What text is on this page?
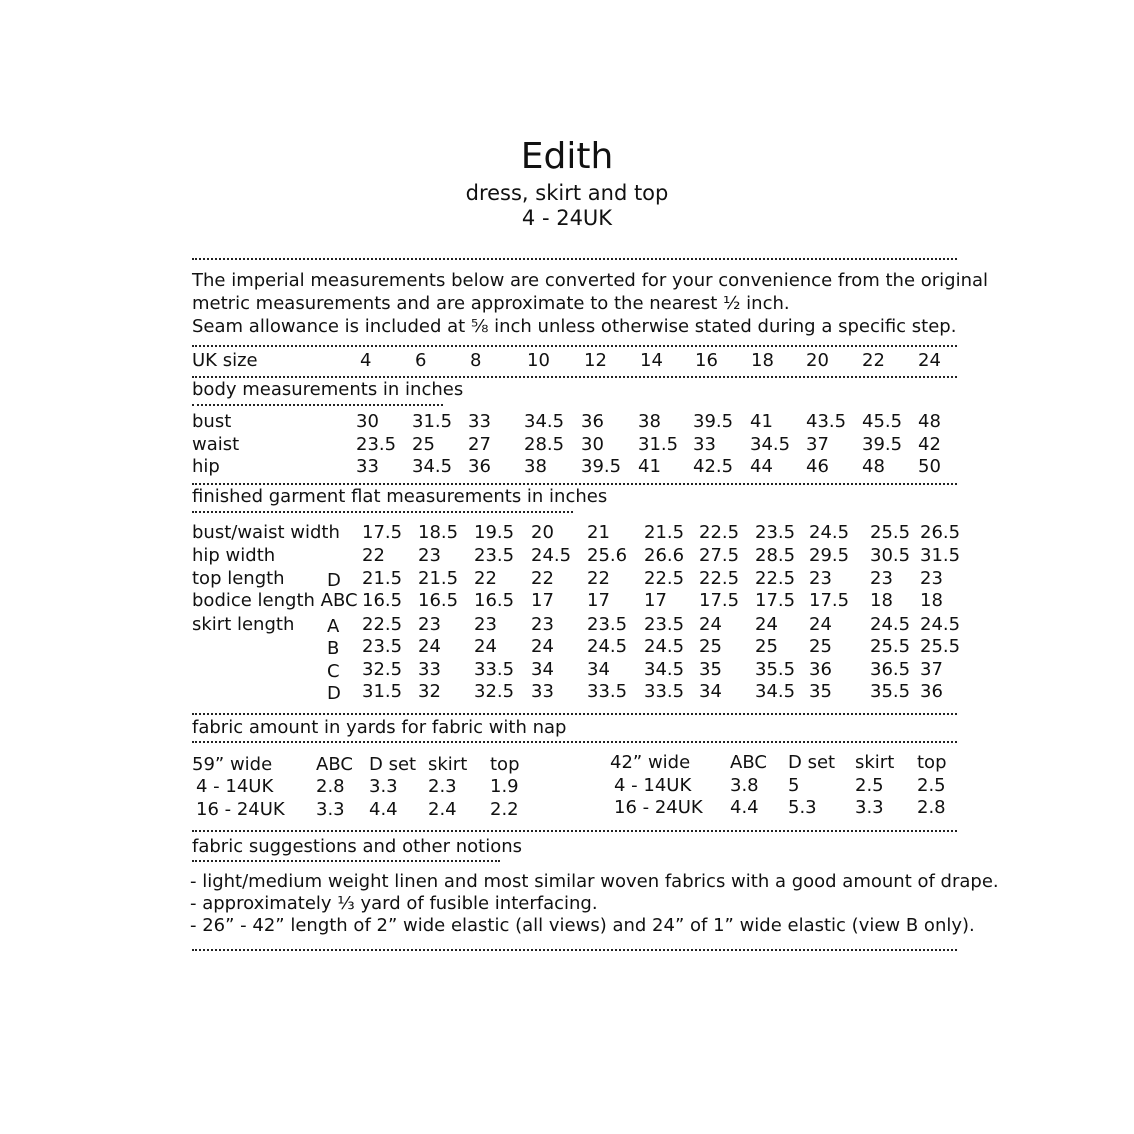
Edith
dress, skirt and top
4 - 24UK
The imperial measurements below are converted for your convenience from the original
metric measurements and are approximate to the nearest ½ inch.
Seam allowance is included at ⅝ inch unless otherwise stated during a specific step.
UK size	4 6 8	10 12 14 16 18 20 22 24
body measurements in inches
bust	30 31.5 33 34.5 36 38 39.5 41 43.5 45.5 48
waist	23.5 25 27 28.5 30 31.5 33 34.5 37 39.5 42
hip	33 34.5 36 38 39.5 41 42.5 44 46 48 50
finished garment flat measurements in inches
bust/waist width 17.5 18.5 19.5 20 21 21.5 22.5 23.5 24.5 25.5 26.5
hip width	22 23 23.5 24.5 25.6 26.6 27.5 28.5 29.5 30.5 31.5
top length D 21.5 21.5 22 22 22 22.5 22.5 22.5 23 23 23
bodice length ABC 16.5 16.5 16.5 17 17 17 17.5 17.5 17.5 18 18
skirt length A 22.5 23 23 23 23.5 23.5 24 24 24 24.5 24.5
B 23.5 24 24 24 24.5 24.5 25 25 25 25.5 25.5
C 32.5 33 33.5 34 34 34.5 35 35.5 36 36.5 37
D 31.5 32 32.5 33 33.5 33.5 34 34.5 35 35.5 36
fabric amount in yards for fabric with nap
59” wide ABC D set skirt top
4 - 14UK 2.8 3.3 2.3 1.9
16 - 24UK 3.3 4.4 2.4 2.2
42” wide ABC D set skirt top
4 - 14UK 3.8 5	2.5 2.5
16 - 24UK 4.4 5.3 3.3 2.8
fabric suggestions and other notions
- light/medium weight linen and most similar woven fabrics with a good amount of drape.
- approximately ⅓ yard of fusible interfacing.
- 26” - 42” length of 2” wide elastic (all views) and 24” of 1” wide elastic (view B only).
